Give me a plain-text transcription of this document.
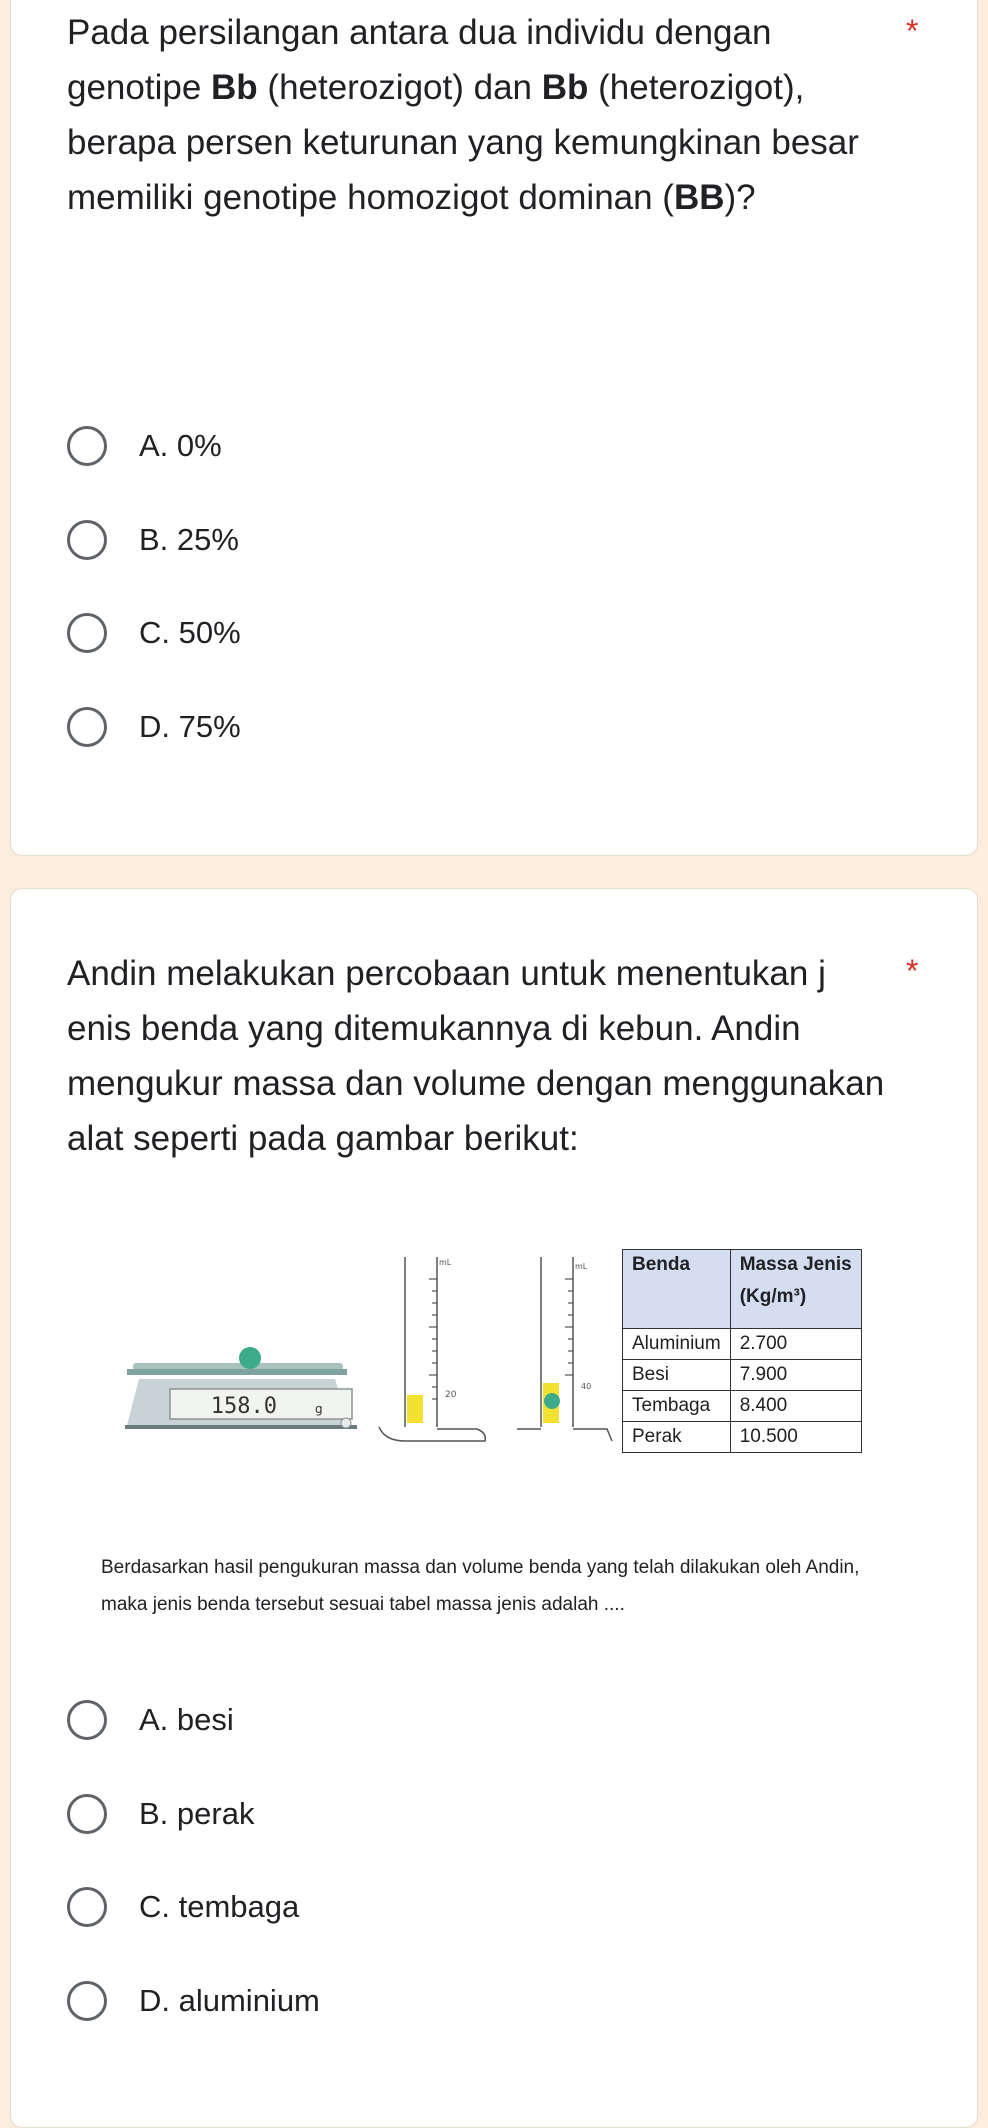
Pada persilangan antara dua individu dengan genotipe Bb (heterozigot) dan Bb (heterozigot), berapa persen keturunan yang kemungkinan besar memiliki genotipe homozigot dominan (BB)?
*
A. 0%
B. 25%
C. 50%
D. 75%
Andin melakukan percobaan untuk menentukan j enis benda yang ditemukannya di kebun. Andin mengukur massa dan volume dengan menggunakan alat seperti pada gambar berikut:
*
158.0	g
mL
20
mL
40
Benda	Massa Jenis
(Kg/m³)
Aluminium	2.700
Besi	7.900
Tembaga	8.400
Perak	10.500
Berdasarkan hasil pengukuran massa dan volume benda yang telah dilakukan oleh Andin, maka jenis benda tersebut sesuai tabel massa jenis adalah ....
A. besi
B. perak
C. tembaga
D. aluminium
